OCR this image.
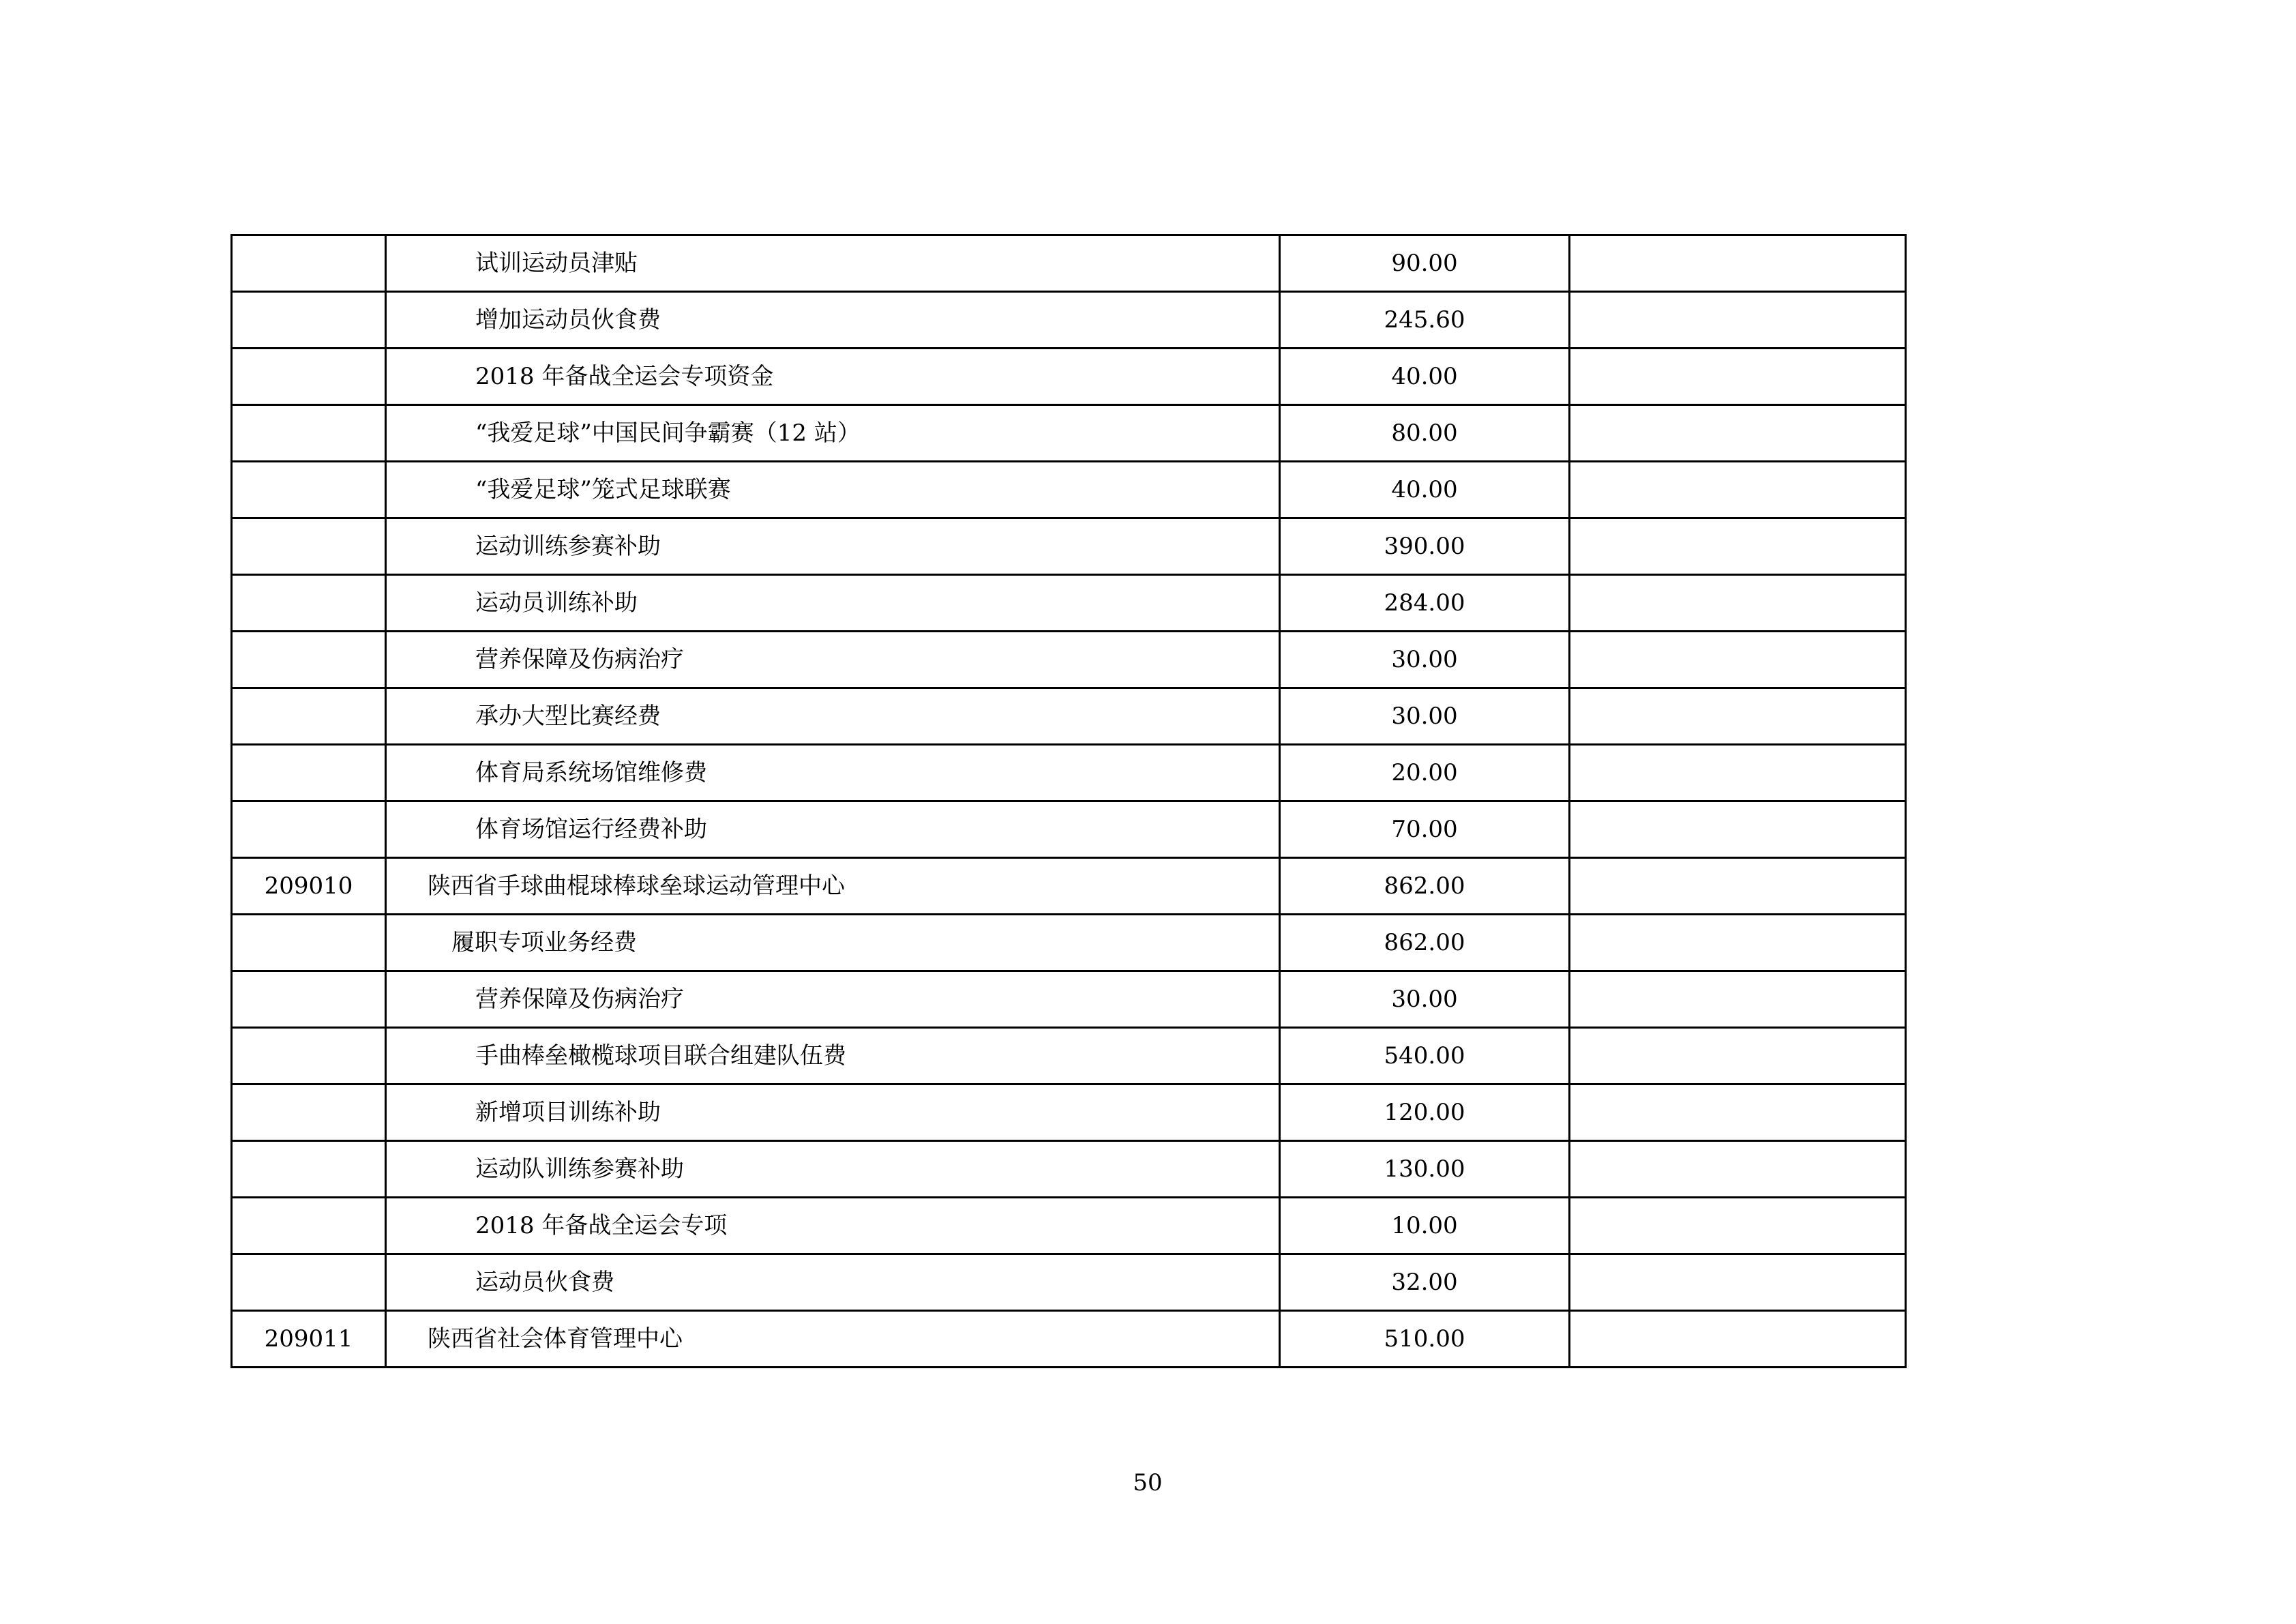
	试训运动员津贴	90.00	
	增加运动员伙食费	245.60	
	2018 年备战全运会专项资金	40.00	
	“我爱足球”中国民间争霸赛（12 站）	80.00	
	“我爱足球”笼式足球联赛	40.00	
	运动训练参赛补助	390.00	
	运动员训练补助	284.00	
	营养保障及伤病治疗	30.00	
	承办大型比赛经费	30.00	
	体育局系统场馆维修费	20.00	
	体育场馆运行经费补助	70.00	
209010	陕西省手球曲棍球棒球垒球运动管理中心	862.00	
	履职专项业务经费	862.00	
	营养保障及伤病治疗	30.00	
	手曲棒垒橄榄球项目联合组建队伍费	540.00	
	新增项目训练补助	120.00	
	运动队训练参赛补助	130.00	
	2018 年备战全运会专项	10.00	
	运动员伙食费	32.00	
209011	陕西省社会体育管理中心	510.00	
50
